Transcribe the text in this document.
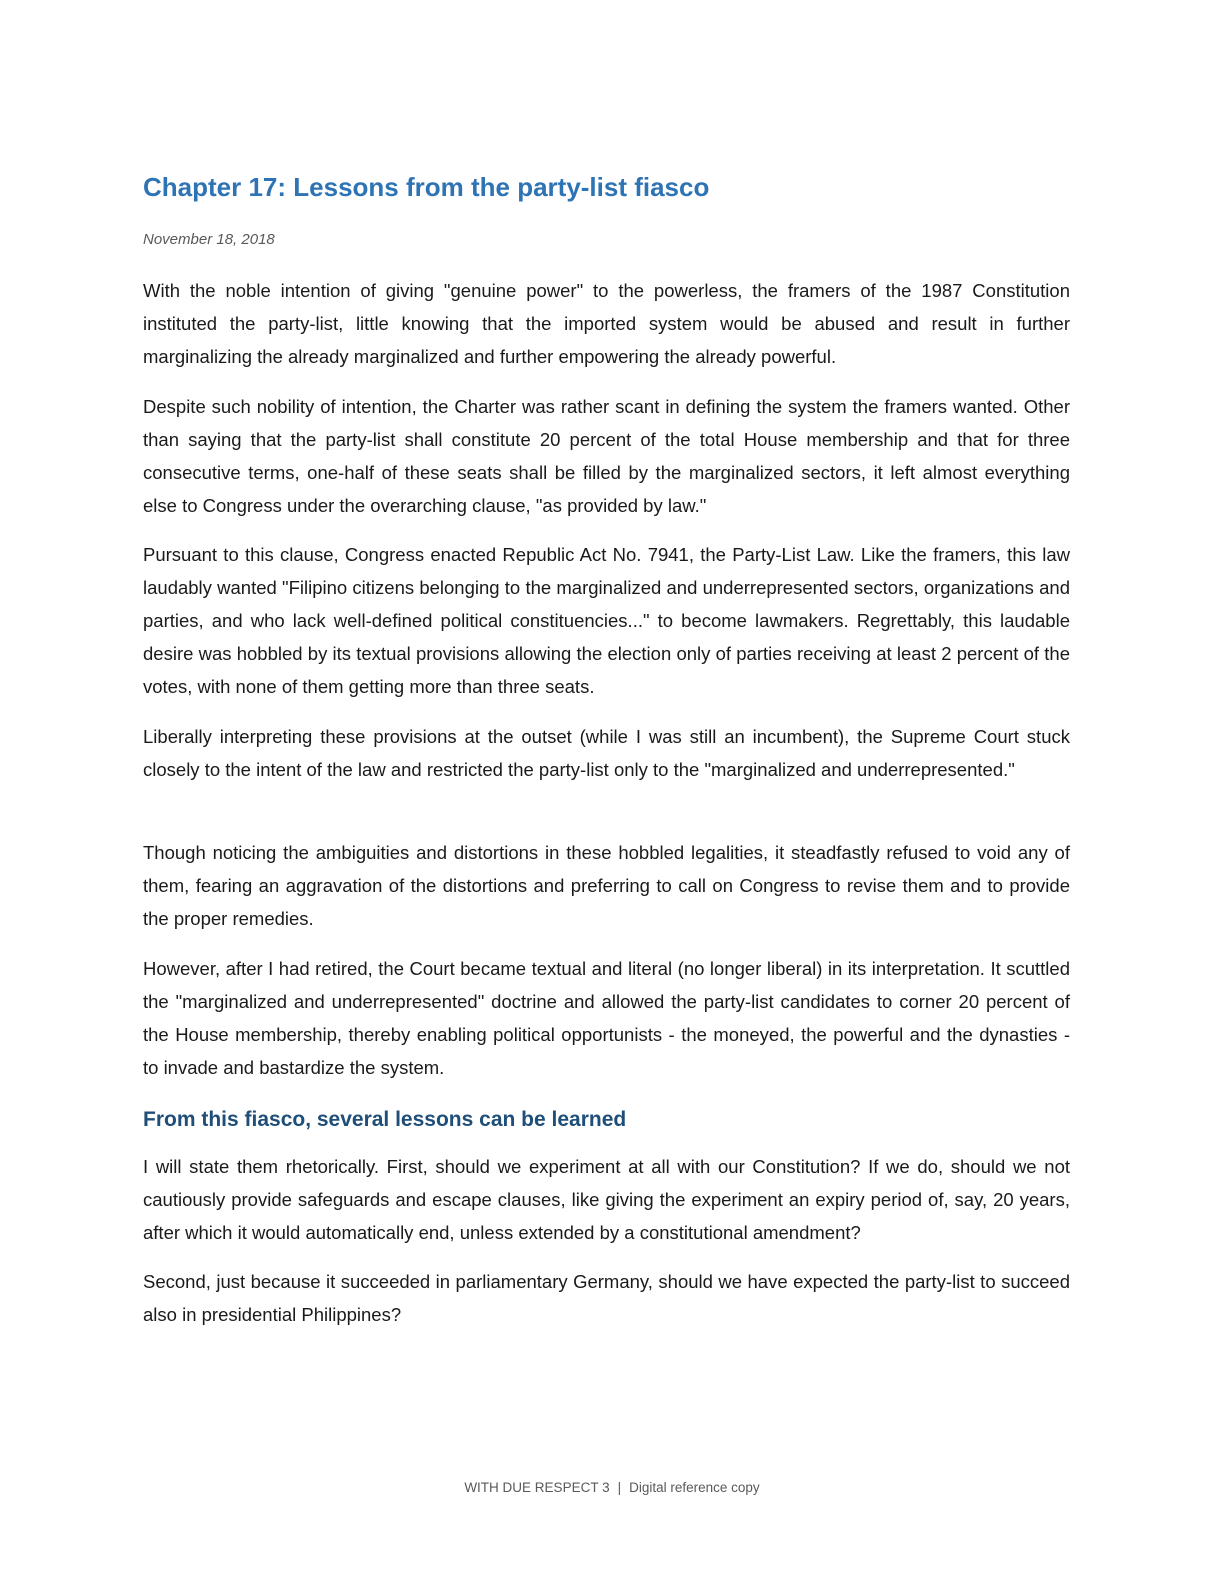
Chapter 17: Lessons from the party-list fiasco
November 18, 2018

With the noble intention of giving "genuine power" to the powerless, the framers of the 1987 Constitution instituted the party-list, little knowing that the imported system would be abused and result in further marginalizing the already marginalized and further empowering the already powerful.

Despite such nobility of intention, the Charter was rather scant in defining the system the framers wanted. Other than saying that the party-list shall constitute 20 percent of the total House membership and that for three consecutive terms, one-half of these seats shall be filled by the marginalized sectors, it left almost everything else to Congress under the overarching clause, "as provided by law."

Pursuant to this clause, Congress enacted Republic Act No. 7941, the Party-List Law. Like the framers, this law laudably wanted "Filipino citizens belonging to the marginalized and underrepresented sectors, organizations and parties, and who lack well-defined political constituencies..." to become lawmakers. Regrettably, this laudable desire was hobbled by its textual provisions allowing the election only of parties receiving at least 2 percent of the votes, with none of them getting more than three seats.

Liberally interpreting these provisions at the outset (while I was still an incumbent), the Supreme Court stuck closely to the intent of the law and restricted the party-list only to the "marginalized and underrepresented."

Though noticing the ambiguities and distortions in these hobbled legalities, it steadfastly refused to void any of them, fearing an aggravation of the distortions and preferring to call on Congress to revise them and to provide the proper remedies.

However, after I had retired, the Court became textual and literal (no longer liberal) in its interpretation. It scuttled the "marginalized and underrepresented" doctrine and allowed the party-list candidates to corner 20 percent of the House membership, thereby enabling political opportunists - the moneyed, the powerful and the dynasties - to invade and bastardize the system.

From this fiasco, several lessons can be learned

I will state them rhetorically. First, should we experiment at all with our Constitution? If we do, should we not cautiously provide safeguards and escape clauses, like giving the experiment an expiry period of, say, 20 years, after which it would automatically end, unless extended by a constitutional amendment?

Second, just because it succeeded in parliamentary Germany, should we have expected the party-list to succeed also in presidential Philippines?

WITH DUE RESPECT 3 | Digital reference copy
